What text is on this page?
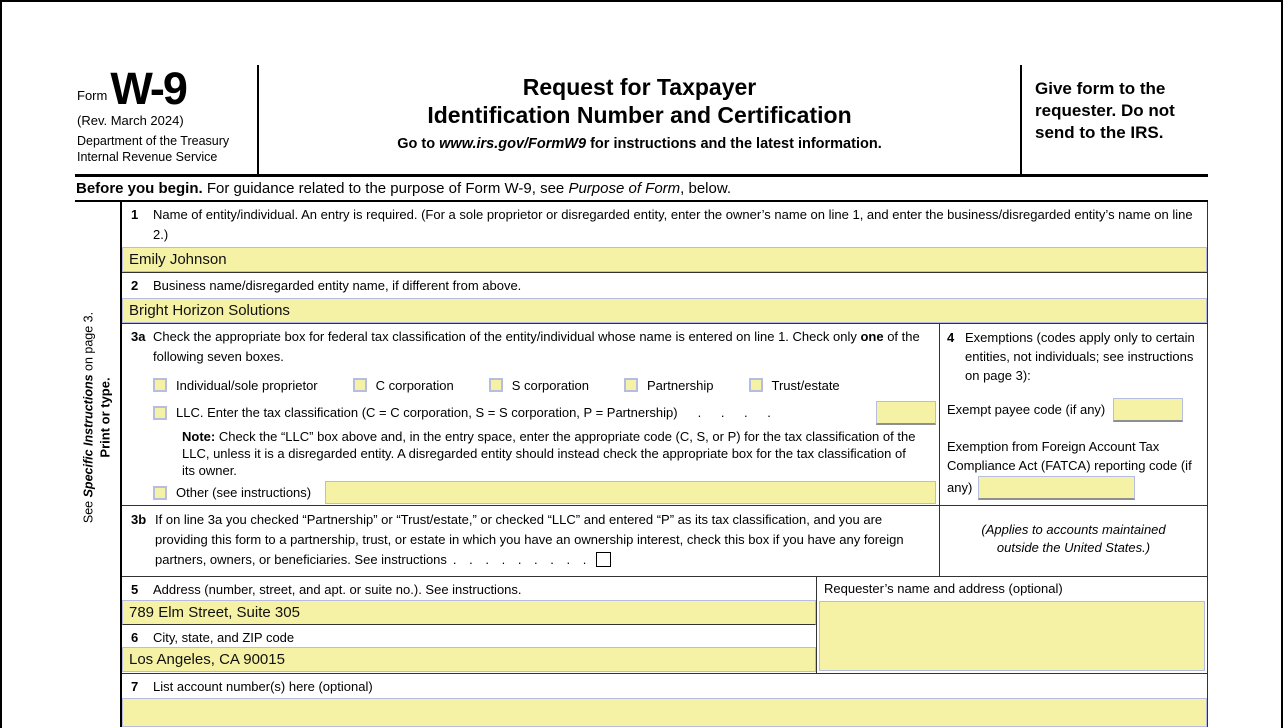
Form W-9
(Rev. March 2024)
Department of the Treasury
Internal Revenue Service
Request for Taxpayer
Identification Number and Certification
Go to www.irs.gov/FormW9 for instructions and the latest information.
Give form to the requester. Do not send to the IRS.
Before you begin. For guidance related to the purpose of Form W-9, see Purpose of Form, below.
See Specific Instructions on page 3.
Print or type.
1	Name of entity/individual. An entry is required. (For a sole proprietor or disregarded entity, enter the owner’s name on line 1, and enter the business/disregarded entity’s name on line 2.)
Emily Johnson
2	Business name/disregarded entity name, if different from above.
Bright Horizon Solutions
3a Check the appropriate box for federal tax classification of the entity/individual whose name is entered on line 1. Check only one of the following seven boxes.
Individual/sole proprietor	C corporation	S corporation	Partnership	Trust/estate
LLC. Enter the tax classification (C = C corporation, S = S corporation, P = Partnership) . . . .
Note: Check the “LLC” box above and, in the entry space, enter the appropriate code (C, S, or P) for the tax classification of the LLC, unless it is a disregarded entity. A disregarded entity should instead check the appropriate box for the tax classification of its owner.
Other (see instructions)
3b If on line 3a you checked “Partnership” or “Trust/estate,” or checked “LLC” and entered “P” as its tax classification, and you are providing this form to a partnership, trust, or estate in which you have an ownership interest, check this box if you have any foreign partners, owners, or beneficiaries. See instructions . . . . . . . . .
4 Exemptions (codes apply only to certain entities, not individuals; see instructions on page 3):
Exempt payee code (if any)
Exemption from Foreign Account Tax Compliance Act (FATCA) reporting code (if any)
(Applies to accounts maintained outside the United States.)
5	Address (number, street, and apt. or suite no.). See instructions.
789 Elm Street, Suite 305
6	City, state, and ZIP code
Los Angeles, CA 90015
Requester’s name and address (optional)
7	List account number(s) here (optional)
